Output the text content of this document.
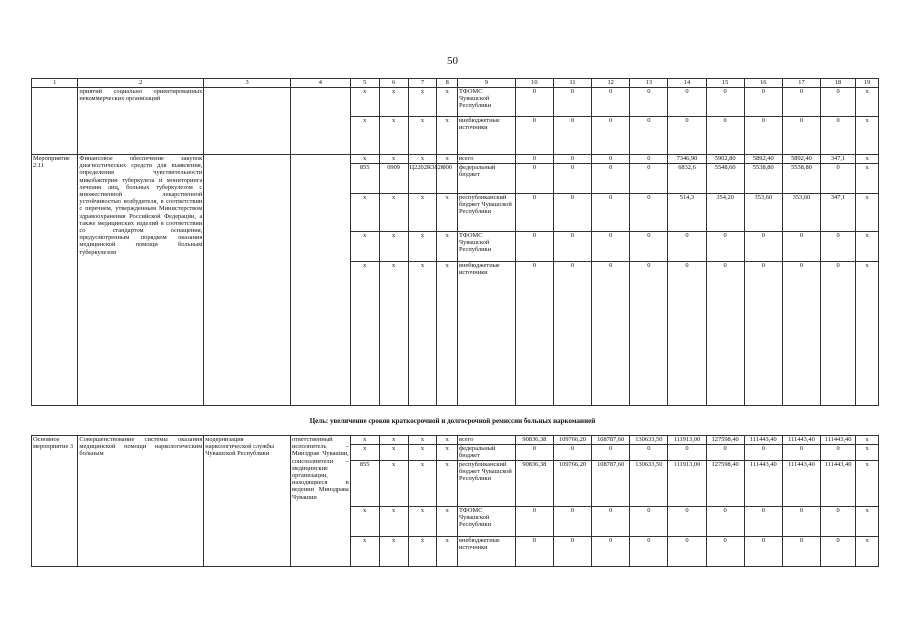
50
1	2	3	4	5	6	7	8	9	10	11	12	13	14	15	16	17	18	19
	приятий социально ориентированных некоммерческих организаций			х	х	х	х	ТФОМС Чувашской Республики	0	0	0	0	0	0	0	0	0	х
				х	х	х	х	внебюджетные источники	0	0	0	0	0	0	0	0	0	х
Мероприятие 2.11	Финансовое обеспечение закупок диагностических средств для выявления, определения чувствительности микобактерии туберкулеза и мониторинга лечения лиц, больных туберкулезом с множественной лекарственной устойчивостью возбудителя, в соответствии с перечнем, утвержденным Министерством здравоохранения Российской Федерации, а также медицинских изделий в соответствии со стандартом оснащения, предусмотренным порядком оказания медицинской помощи больным туберкулезом			х	х	х	х	всего	0	0	0	0	7346,90	5902,80	5892,40	5892,40	347,1	х
				855	0909	Ц2202R3826	000	федеральный бюджет	0	0	0	0	6832,6	5548,60	5538,80	5538,80	0	х
				х	х	х	х	республиканский бюджет Чувашской Республики	0	0	0	0	514,3	354,20	353,60	353,60	347,1	х
				х	х	х	х	ТФОМС Чувашской Республики	0	0	0	0	0	0	0	0	0	х
				х	х	х	х	внебюджетные источники	0	0	0	0	0	0	0	0	0	х
Цель: увеличение сроков краткосрочной и долгосрочной ремиссии больных наркоманией
Основное мероприятие 3	Совершенствование системы оказания медицинской помощи наркологическим больным	модернизация наркологической службы Чувашской Республики	ответственный исполнитель – Минздрав Чувашии, соисполнители – медицинские организации, находящиеся в ведении Минздрава Чувашии	х	х	х	х	всего	90836,38	109766,20	108787,60	130633,50	111913,00	127598,40	111443,40	111443,40	111443,40	х
				х	х	х	х	федеральный бюджет	0	0	0	0	0	0	0	0	0	х
				855	х	х	х	республиканский бюджет Чувашской Республики	90836,38	109766,20	108787,60	130633,50	111913,00	127598,40	111443,40	111443,40	111443,40	х
				х	х	х	х	ТФОМС Чувашской Республики	0	0	0	0	0	0	0	0	0	х
				х	х	х	х	внебюджетные источники	0	0	0	0	0	0	0	0	0	х
